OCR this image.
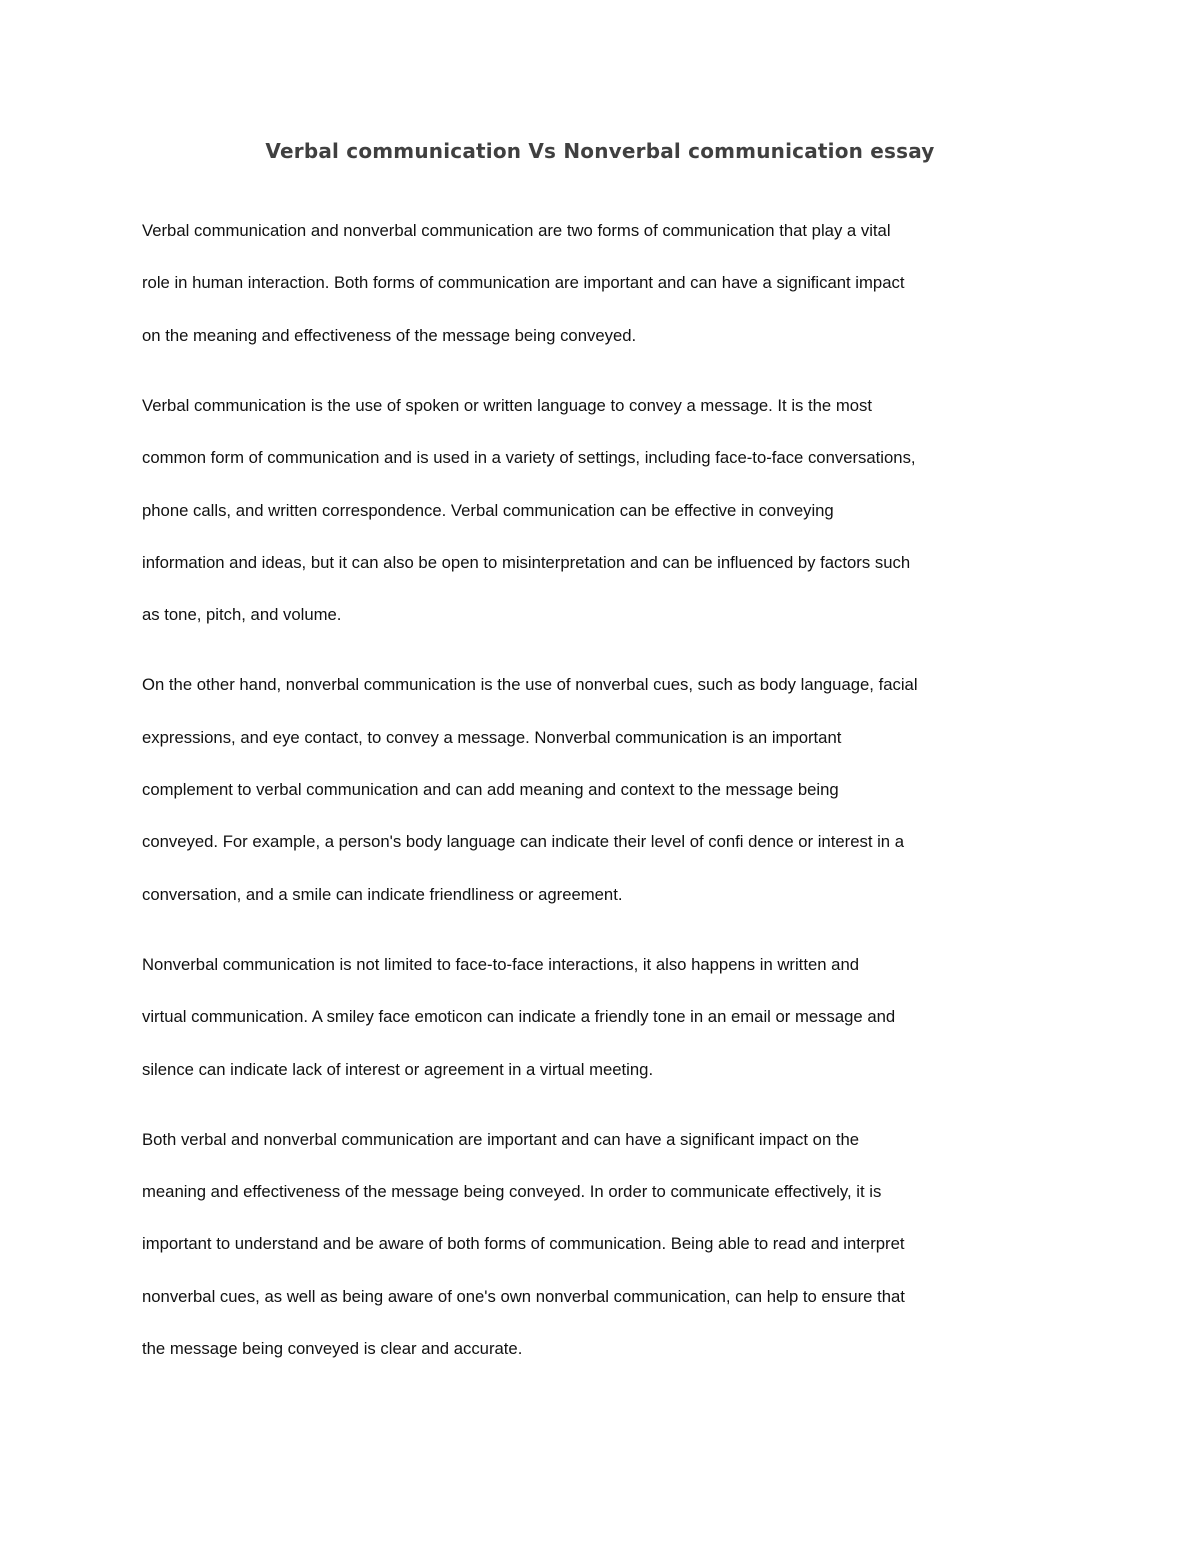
Verbal communication Vs Nonverbal communication essay

Verbal communication and nonverbal communication are two forms of communication that play a vital
role in human interaction. Both forms of communication are important and can have a significant impact
on the meaning and effectiveness of the message being conveyed.

Verbal communication is the use of spoken or written language to convey a message. It is the most
common form of communication and is used in a variety of settings, including face-to-face conversations,
phone calls, and written correspondence. Verbal communication can be effective in conveying
information and ideas, but it can also be open to misinterpretation and can be influenced by factors such
as tone, pitch, and volume.

On the other hand, nonverbal communication is the use of nonverbal cues, such as body language, facial
expressions, and eye contact, to convey a message. Nonverbal communication is an important
complement to verbal communication and can add meaning and context to the message being
conveyed. For example, a person's body language can indicate their level of confi dence or interest in a
conversation, and a smile can indicate friendliness or agreement.

Nonverbal communication is not limited to face-to-face interactions, it also happens in written and
virtual communication. A smiley face emoticon can indicate a friendly tone in an email or message and
silence can indicate lack of interest or agreement in a virtual meeting.

Both verbal and nonverbal communication are important and can have a significant impact on the
meaning and effectiveness of the message being conveyed. In order to communicate effectively, it is
important to understand and be aware of both forms of communication. Being able to read and interpret
nonverbal cues, as well as being aware of one's own nonverbal communication, can help to ensure that
the message being conveyed is clear and accurate.
